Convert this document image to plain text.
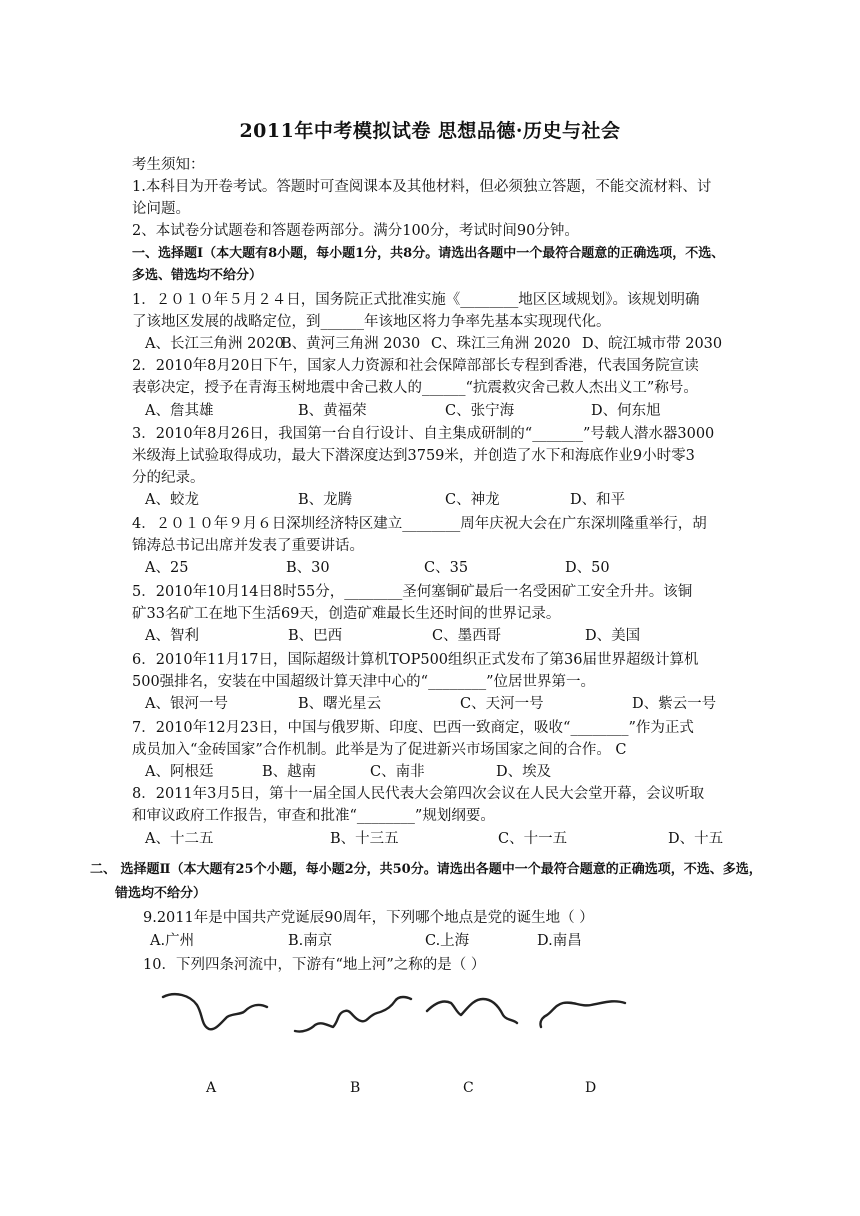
2011年中考模拟试卷 思想品德·历史与社会
考生须知：
1.本科目为开卷考试。答题时可查阅课本及其他材料，但必须独立答题，不能交流材料、讨
论问题。
2、本试卷分试题卷和答题卷两部分。满分100分，考试时间90分钟。
一、选择题Ⅰ（本大题有8小题，每小题1分，共8分。请选出各题中一个最符合题意的正确选项，不选、
多选、错选均不给分）
1．２０１０年５月２４日，国务院正式批准实施《________地区区域规划》。该规划明确
了该地区发展的战略定位，到______年该地区将力争率先基本实现现代化。
A、长江三角洲 2020
B、黄河三角洲 2030 C、珠江三角洲 2020 D、皖江城市带 2030
2．2010年8月20日下午，国家人力资源和社会保障部部长专程到香港，代表国务院宣读
表彰决定，授予在青海玉树地震中舍己救人的______“抗震救灾舍己救人杰出义工”称号。
A、詹其雄	B、黄福荣	C、张宁海	D、何东旭
3．2010年8月26日，我国第一台自行设计、自主集成研制的“_______”号载人潜水器3000
米级海上试验取得成功，最大下潜深度达到3759米，并创造了水下和海底作业9小时零3
分的纪录。
A、蛟龙	B、龙腾	C、神龙	D、和平
4．２０１０年９月６日深圳经济特区建立________周年庆祝大会在广东深圳隆重举行，胡
锦涛总书记出席并发表了重要讲话。
A、25	B、30	C、35	D、50
5．2010年10月14日8时55分，________圣何塞铜矿最后一名受困矿工安全升井。该铜
矿33名矿工在地下生活69天，创造矿难最长生还时间的世界记录。
A、智利	B、巴西	C、墨西哥	D、美国
6．2010年11月17日，国际超级计算机TOP500组织正式发布了第36届世界超级计算机
500强排名，安装在中国超级计算天津中心的“________”位居世界第一。
A、银河一号	B、曙光星云	C、天河一号	D、紫云一号
7．2010年12月23日，中国与俄罗斯、印度、巴西一致商定，吸收“________”作为正式
成员加入“金砖国家”合作机制。此举是为了促进新兴市场国家之间的合作。 C
A、阿根廷	B、越南	C、南非	D、埃及
8．2011年3月5日，第十一届全国人民代表大会第四次会议在人民大会堂开幕，会议听取
和审议政府工作报告，审查和批准“________”规划纲要。
A、十二五	B、十三五	C、十一五	D、十五
二、 选择题Ⅱ（本大题有25个小题，每小题2分，共50分。请选出各题中一个最符合题意的正确选项，不选、多选，
错选均不给分）
9.2011年是中国共产党诞辰90周年，下列哪个地点是党的诞生地（ ）
A.广州	B.南京	C.上海	D.南昌
10．下列四条河流中，下游有“地上河”之称的是（ ）
A	B	C	D
